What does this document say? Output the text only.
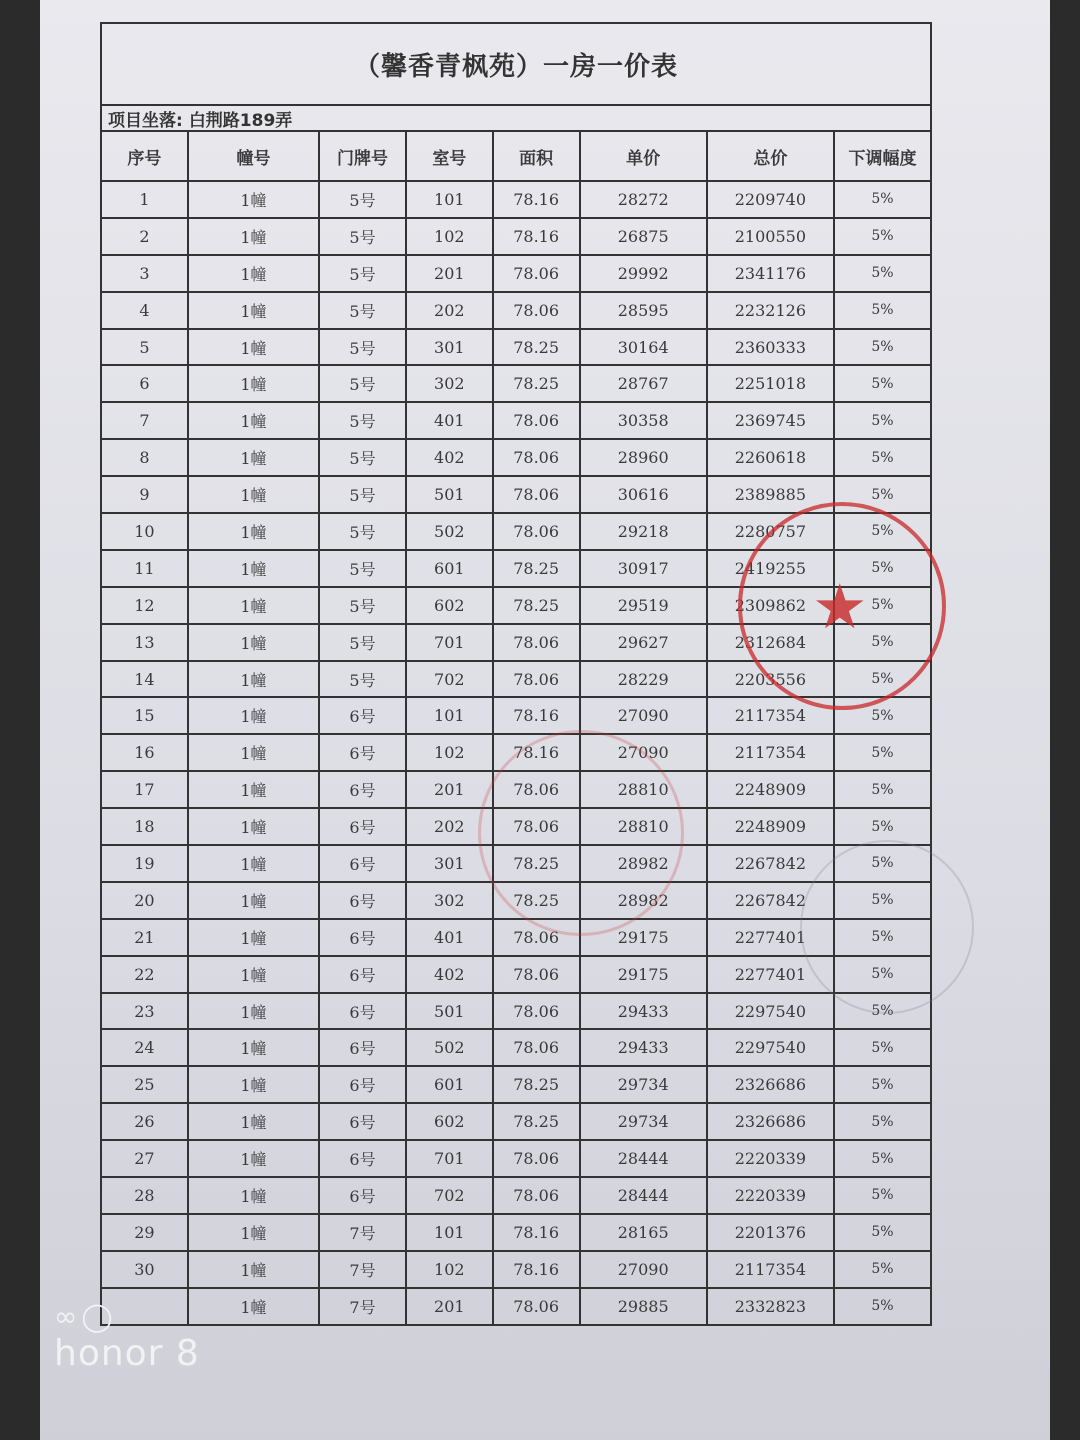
（馨香青枫苑）一房一价表
项目坐落: 白荆路189弄
序号	幢号	门牌号	室号	面积	单价	总价	下调幅度
1	1幢	5号	101	78.16	28272	2209740	5%
2	1幢	5号	102	78.16	26875	2100550	5%
3	1幢	5号	201	78.06	29992	2341176	5%
4	1幢	5号	202	78.06	28595	2232126	5%
5	1幢	5号	301	78.25	30164	2360333	5%
6	1幢	5号	302	78.25	28767	2251018	5%
7	1幢	5号	401	78.06	30358	2369745	5%
8	1幢	5号	402	78.06	28960	2260618	5%
9	1幢	5号	501	78.06	30616	2389885	5%
10	1幢	5号	502	78.06	29218	2280757	5%
11	1幢	5号	601	78.25	30917	2419255	5%
12	1幢	5号	602	78.25	29519	2309862	5%
13	1幢	5号	701	78.06	29627	2312684	5%
14	1幢	5号	702	78.06	28229	2203556	5%
15	1幢	6号	101	78.16	27090	2117354	5%
16	1幢	6号	102	78.16	27090	2117354	5%
17	1幢	6号	201	78.06	28810	2248909	5%
18	1幢	6号	202	78.06	28810	2248909	5%
19	1幢	6号	301	78.25	28982	2267842	5%
20	1幢	6号	302	78.25	28982	2267842	5%
21	1幢	6号	401	78.06	29175	2277401	5%
22	1幢	6号	402	78.06	29175	2277401	5%
23	1幢	6号	501	78.06	29433	2297540	5%
24	1幢	6号	502	78.06	29433	2297540	5%
25	1幢	6号	601	78.25	29734	2326686	5%
26	1幢	6号	602	78.25	29734	2326686	5%
27	1幢	6号	701	78.06	28444	2220339	5%
28	1幢	6号	702	78.06	28444	2220339	5%
29	1幢	7号	101	78.16	28165	2201376	5%
30	1幢	7号	102	78.16	27090	2117354	5%
	1幢	7号	201	78.06	29885	2332823	5%
★
∞◯
honor 8
